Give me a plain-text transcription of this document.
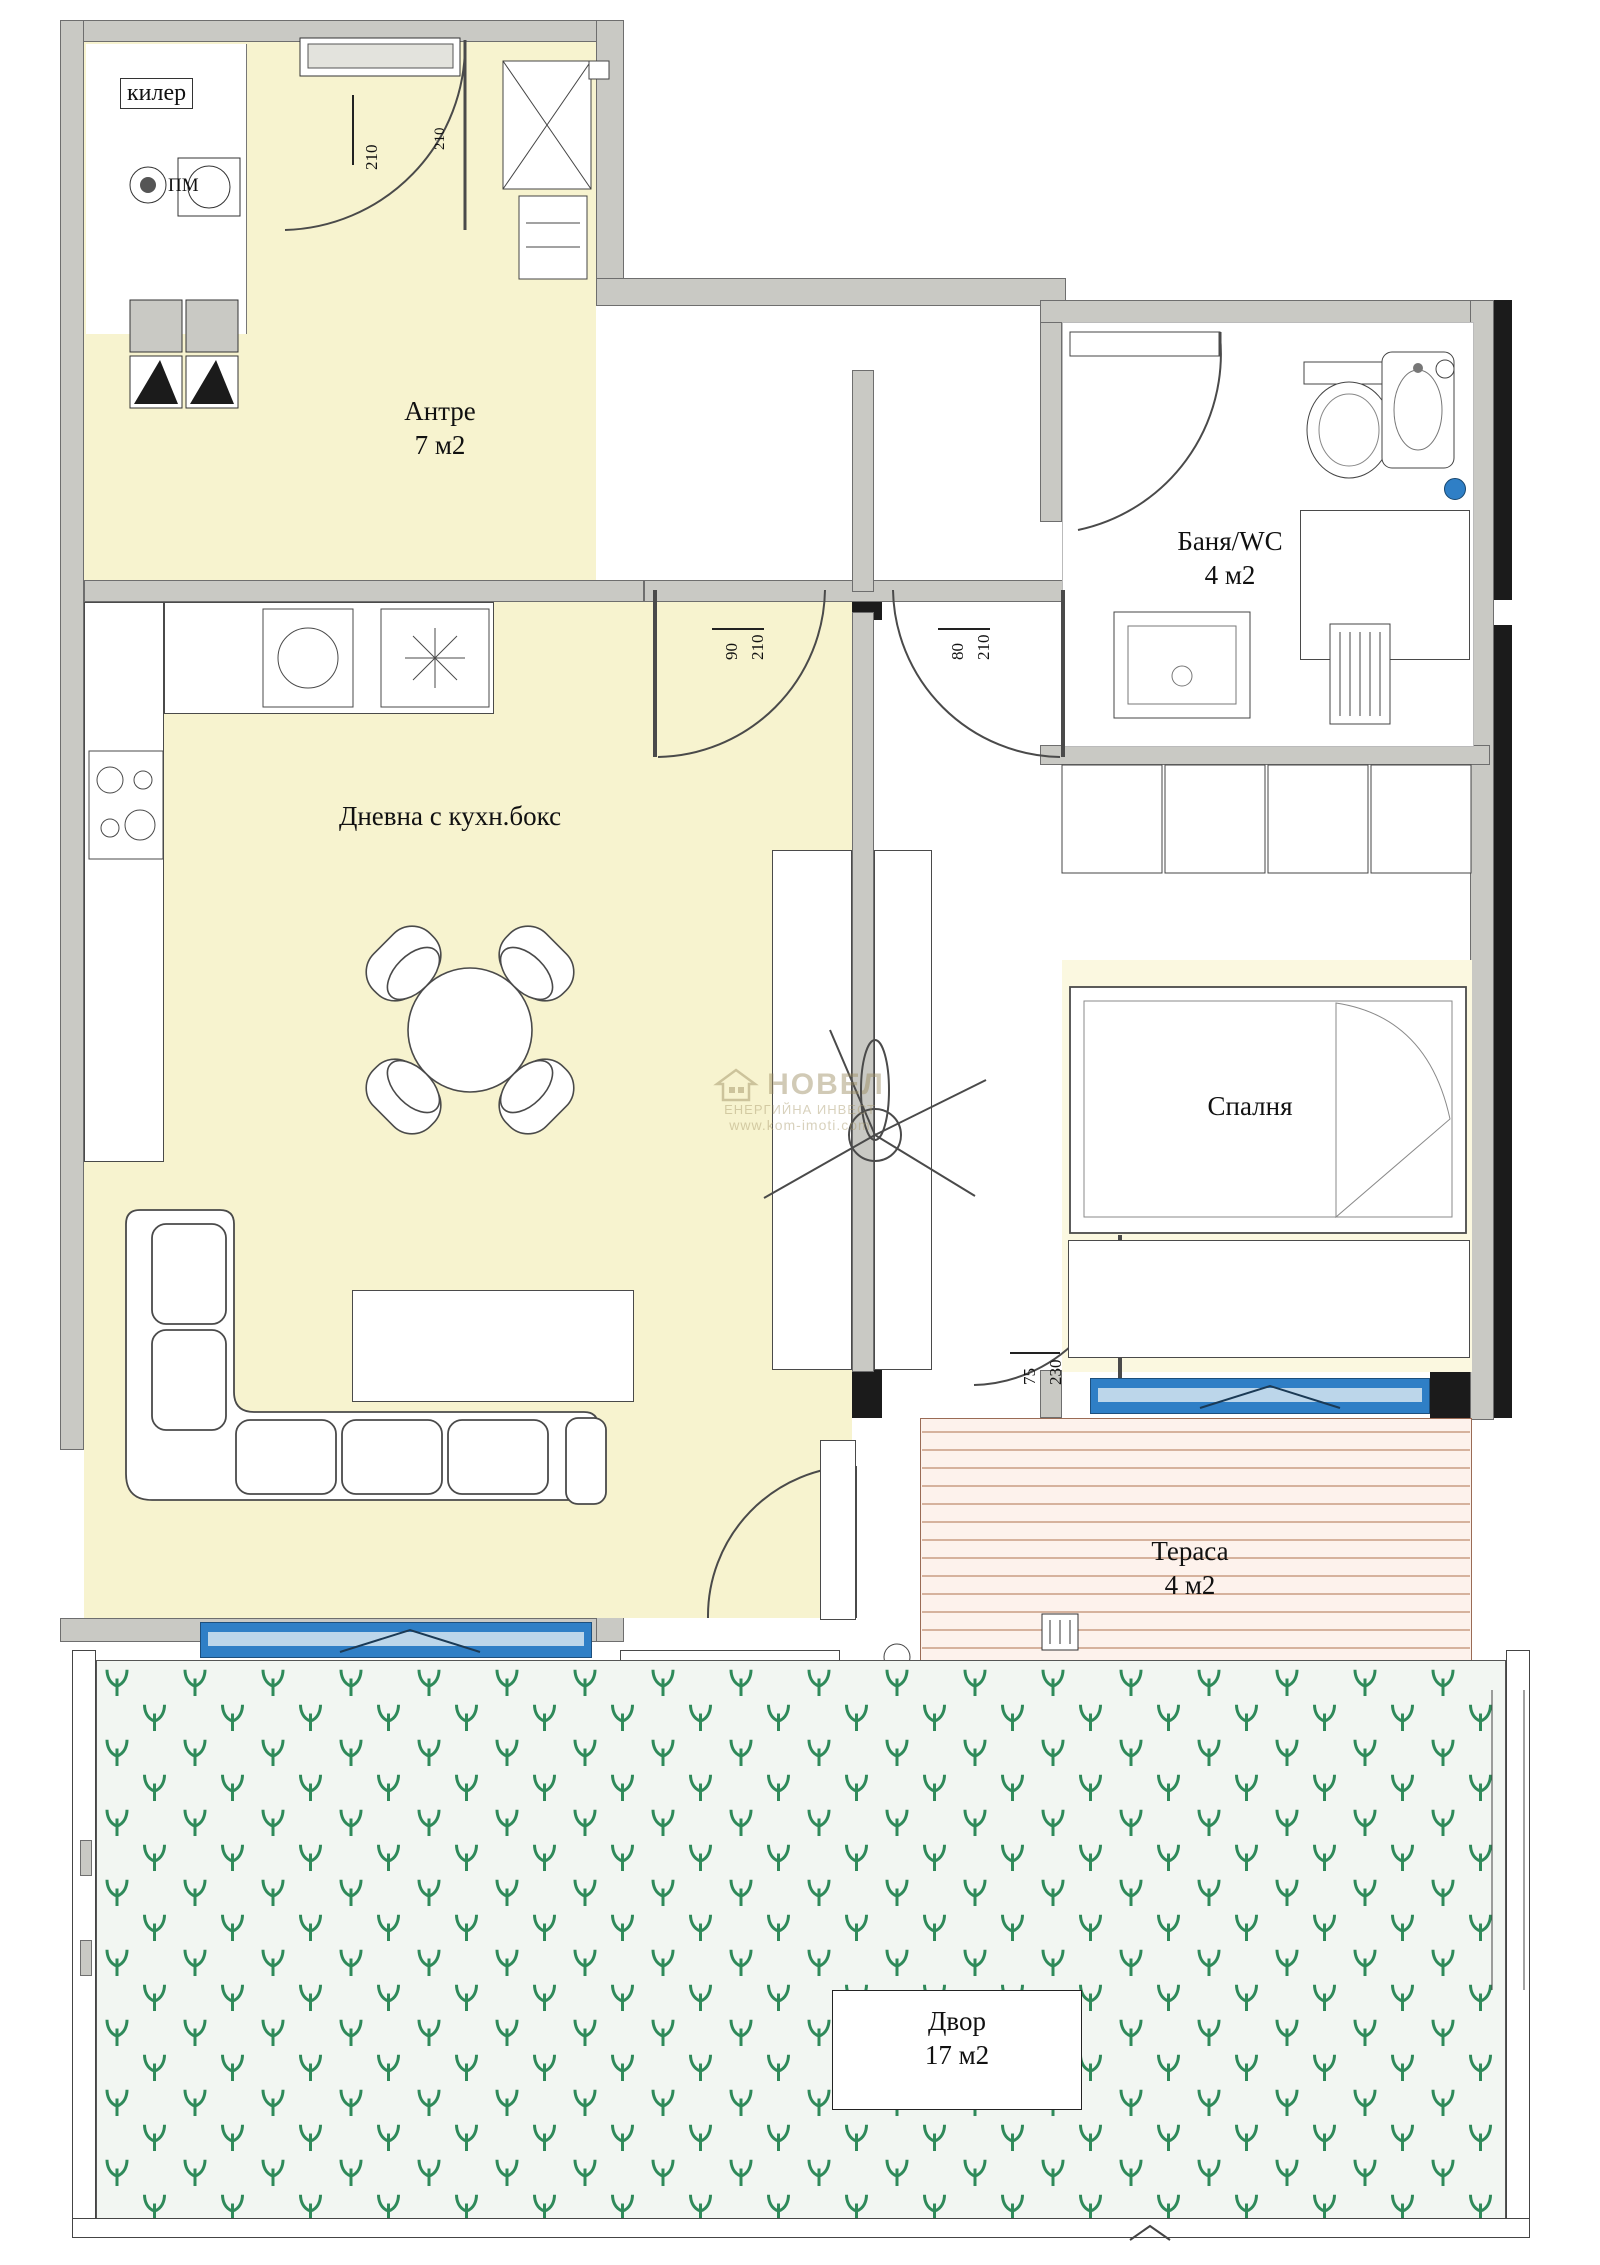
ПМ
210
210
90 210	80 210
75 230
килер
Антре
7 м2
Дневна с кухн.бокс
Баня/WC
4 м2
Спалня
Тераса
4 м2
Двор
17 м2
НОВЕЛ
ЕНЕРГИЙНА ИНВЕСТ
www.kom-imoti.com
